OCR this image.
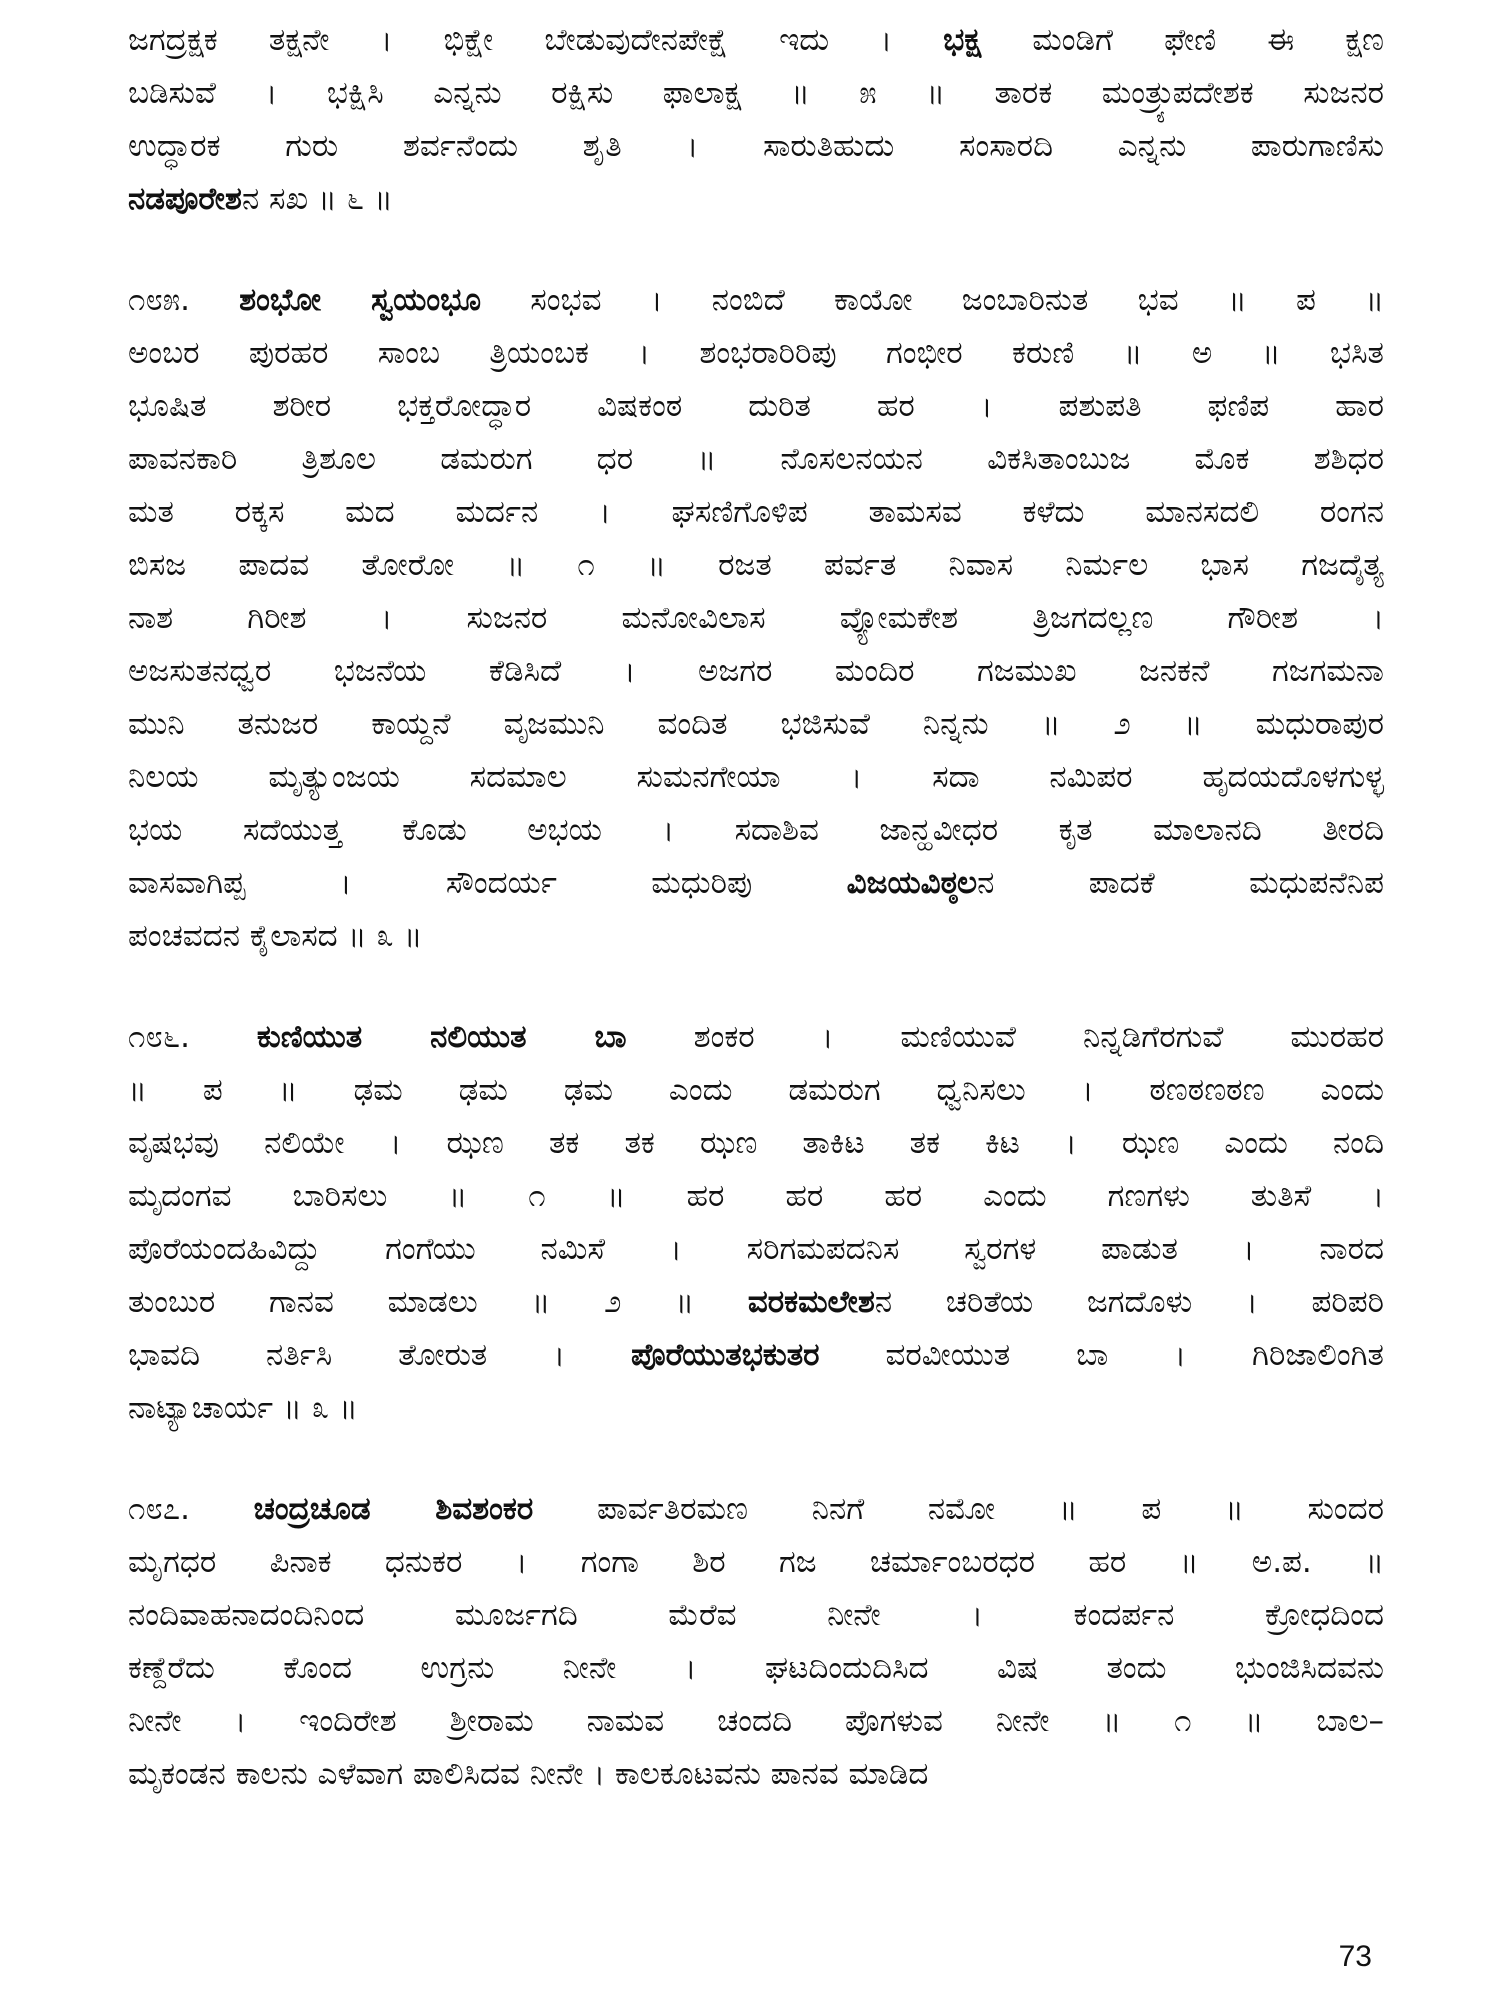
ಜಗದ್ರಕ್ಷಕ ತಕ್ಷನೇ । ಭಿಕ್ಷೇ ಬೇಡುವುದೇನಪೇಕ್ಷೆ ಇದು । ಭಕ್ಷ ಮಂಡಿಗೆ ಫೇಣಿ ಈ ಕ್ಷಣ
ಬಡಿಸುವೆ । ಭಕ್ಷಿಸಿ ಎನ್ನನು ರಕ್ಷಿಸು ಫಾಲಾಕ್ಷ ॥ ೫ ॥ ತಾರಕ ಮಂತ್ರ್ಯುಪದೇಶಕ ಸುಜನರ
ಉದ್ಧಾರಕ ಗುರು ಶರ್ವನೆಂದು ಶೃತಿ । ಸಾರುತಿಹುದು ಸಂಸಾರದಿ ಎನ್ನನು ಪಾರುಗಾಣಿಸು
ನಡಪೂರೇಶನ ಸಖ ॥ ೬ ॥
೧೮೫. ಶಂಭೋ ಸ್ವಯಂಭೂ ಸಂಭವ । ನಂಬಿದೆ ಕಾಯೋ ಜಂಬಾರಿನುತ ಭವ ॥ ಪ ॥
ಅಂಬರ ಪುರಹರ ಸಾಂಬ ತ್ರಿಯಂಬಕ । ಶಂಭರಾರಿರಿಪು ಗಂಭೀರ ಕರುಣಿ ॥ ಅ ॥ ಭಸಿತ
ಭೂಷಿತ ಶರೀರ ಭಕ್ತರೋದ್ಧಾರ ವಿಷಕಂಠ ದುರಿತ ಹರ । ಪಶುಪತಿ ಫಣಿಪ ಹಾರ
ಪಾವನಕಾರಿ ತ್ರಿಶೂಲ ಡಮರುಗ ಧರ ॥ ನೊಸಲನಯನ ವಿಕಸಿತಾಂಬುಜ ಮೊಕ ಶಶಿಧರ
ಮತ ರಕ್ಕಸ ಮದ ಮರ್ದನ । ಘಸಣಿಗೊಳಿಪ ತಾಮಸವ ಕಳೆದು ಮಾನಸದಲಿ ರಂಗನ
ಬಿಸಜ ಪಾದವ ತೋರೋ ॥ ೧ ॥ ರಜತ ಪರ್ವತ ನಿವಾಸ ನಿರ್ಮಲ ಭಾಸ ಗಜದೈತ್ಯ
ನಾಶ ಗಿರೀಶ । ಸುಜನರ ಮನೋವಿಲಾಸ ವ್ಯೋಮಕೇಶ ತ್ರಿಜಗದಲ್ಲಣ ಗೌರೀಶ ।
ಅಜಸುತನಧ್ವರ ಭಜನೆಯ ಕೆಡಿಸಿದೆ । ಅಜಗರ ಮಂದಿರ ಗಜಮುಖ ಜನಕನೆ ಗಜಗಮನಾ
ಮುನಿ ತನುಜರ ಕಾಯ್ದನೆ ವೃಜಮುನಿ ವಂದಿತ ಭಜಿಸುವೆ ನಿನ್ನನು ॥ ೨ ॥ ಮಧುರಾಪುರ
ನಿಲಯ ಮೃತ್ಯುಂಜಯ ಸದಮಾಲ ಸುಮನಗೇಯಾ । ಸದಾ ನಮಿಪರ ಹೃದಯದೊಳಗುಳ್ಳ
ಭಯ ಸದೆಯುತ್ತ ಕೊಡು ಅಭಯ । ಸದಾಶಿವ ಜಾನ್ಹವೀಧರ ಕೃತ ಮಾಲಾನದಿ ತೀರದಿ
ವಾಸವಾಗಿಪ್ಪ । ಸೌಂದರ್ಯ ಮಧುರಿಪು ವಿಜಯವಿಠ್ಠಲನ ಪಾದಕೆ ಮಧುಪನೆನಿಪ
ಪಂಚವದನ ಕೈಲಾಸದ ॥ ೩ ॥
೧೮೬. ಕುಣಿಯುತ ನಲಿಯುತ ಬಾ ಶಂಕರ । ಮಣಿಯುವೆ ನಿನ್ನಡಿಗೆರಗುವೆ ಮುರಹರ
॥ ಪ ॥ ಢಮ ಢಮ ಢಮ ಎಂದು ಡಮರುಗ ಧ್ವನಿಸಲು । ಠಣಠಣಠಣ ಎಂದು
ವೃಷಭವು ನಲಿಯೇ । ಝಣ ತಕ ತಕ ಝಣ ತಾಕಿಟ ತಕ ಕಿಟ । ಝಣ ಎಂದು ನಂದಿ
ಮೃದಂಗವ ಬಾರಿಸಲು ॥ ೧ ॥ ಹರ ಹರ ಹರ ಎಂದು ಗಣಗಳು ತುತಿಸೆ ।
ಪೊರೆಯಂದಹಿವಿದ್ದು ಗಂಗೆಯು ನಮಿಸೆ । ಸರಿಗಮಪದನಿಸ ಸ್ವರಗಳ ಪಾಡುತ । ನಾರದ
ತುಂಬುರ ಗಾನವ ಮಾಡಲು ॥ ೨ ॥ ವರಕಮಲೇಶನ ಚರಿತೆಯ ಜಗದೊಳು । ಪರಿಪರಿ
ಭಾವದಿ ನರ್ತಿಸಿ ತೋರುತ । ಪೊರೆಯುತಭಕುತರ ವರವೀಯುತ ಬಾ । ಗಿರಿಜಾಲಿಂಗಿತ
ನಾಟ್ಯಾಚಾರ್ಯ ॥ ೩ ॥
೧೮೭. ಚಂದ್ರಚೂಡ ಶಿವಶಂಕರ ಪಾರ್ವತಿರಮಣ ನಿನಗೆ ನಮೋ ॥ ಪ ॥ ಸುಂದರ
ಮೃಗಧರ ಪಿನಾಕ ಧನುಕರ । ಗಂಗಾ ಶಿರ ಗಜ ಚರ್ಮಾಂಬರಧರ ಹರ ॥ ಅ.ಪ. ॥
ನಂದಿವಾಹನಾದಂದಿನಿಂದ ಮೂರ್ಜಗದಿ ಮೆರೆವ ನೀನೇ । ಕಂದರ್ಪನ ಕ್ರೋಧದಿಂದ
ಕಣ್ದೆರೆದು ಕೊಂದ ಉಗ್ರನು ನೀನೇ । ಘಟದಿಂದುದಿಸಿದ ವಿಷ ತಂದು ಭುಂಜಿಸಿದವನು
ನೀನೇ । ಇಂದಿರೇಶ ಶ್ರೀರಾಮ ನಾಮವ ಚಂದದಿ ಪೊಗಳುವ ನೀನೇ ॥ ೧ ॥ ಬಾಲ–
ಮೃಕಂಡನ ಕಾಲನು ಎಳೆವಾಗ ಪಾಲಿಸಿದವ ನೀನೇ । ಕಾಲಕೂಟವನು ಪಾನವ ಮಾಡಿದ
73
